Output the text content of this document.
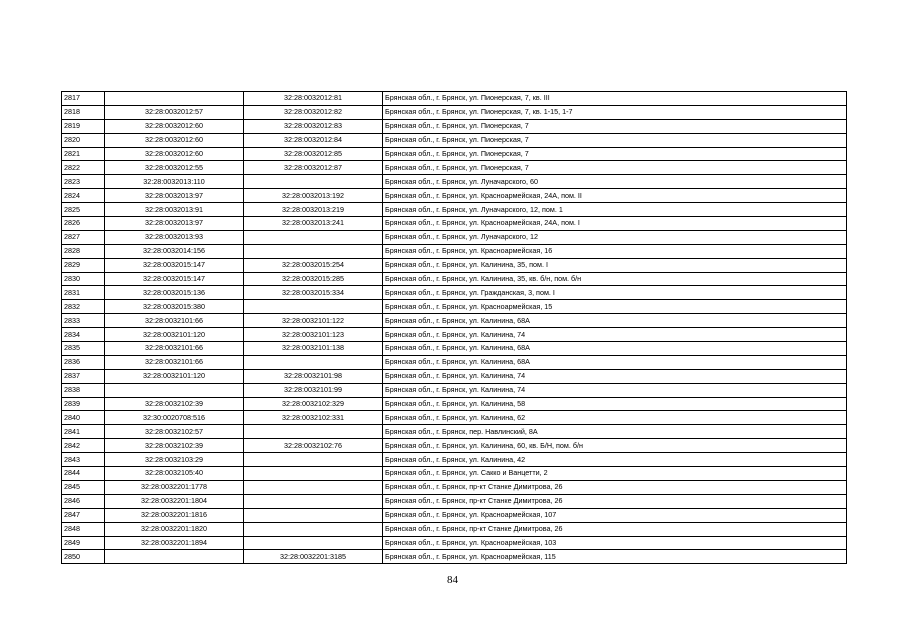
2817		32:28:0032012:81	Брянская обл., г. Брянск, ул. Пионерская, 7, кв. III
2818	32:28:0032012:57	32:28:0032012:82	Брянская обл., г. Брянск, ул. Пионерская, 7, кв. 1-15, 1-7
2819	32:28:0032012:60	32:28:0032012:83	Брянская обл., г. Брянск, ул. Пионерская, 7
2820	32:28:0032012:60	32:28:0032012:84	Брянская обл., г. Брянск, ул. Пионерская, 7
2821	32:28:0032012:60	32:28:0032012:85	Брянская обл., г. Брянск, ул. Пионерская, 7
2822	32:28:0032012:55	32:28:0032012:87	Брянская обл., г. Брянск, ул. Пионерская, 7
2823	32:28:0032013:110		Брянская обл., г. Брянск, ул. Луначарского, 60
2824	32:28:0032013:97	32:28:0032013:192	Брянская обл., г. Брянск, ул. Красноармейская, 24А, пом. II
2825	32:28:0032013:91	32:28:0032013:219	Брянская обл., г. Брянск, ул. Луначарского, 12, пом. 1
2826	32:28:0032013:97	32:28:0032013:241	Брянская обл., г. Брянск, ул. Красноармейская, 24А, пом. I
2827	32:28:0032013:93		Брянская обл., г. Брянск, ул. Луначарского, 12
2828	32:28:0032014:156		Брянская обл., г. Брянск, ул. Красноармейская, 16
2829	32:28:0032015:147	32:28:0032015:254	Брянская обл., г. Брянск, ул. Калинина, 35, пом. I
2830	32:28:0032015:147	32:28:0032015:285	Брянская обл., г. Брянск, ул. Калинина, 35, кв. б/н, пом. б/н
2831	32:28:0032015:136	32:28:0032015:334	Брянская обл., г. Брянск, ул. Гражданская, 3, пом. I
2832	32:28:0032015:380		Брянская обл., г. Брянск, ул. Красноармейская, 15
2833	32:28:0032101:66	32:28:0032101:122	Брянская обл., г. Брянск, ул. Калинина, 68А
2834	32:28:0032101:120	32:28:0032101:123	Брянская обл., г. Брянск, ул. Калинина, 74
2835	32:28:0032101:66	32:28:0032101:138	Брянская обл., г. Брянск, ул. Калинина, 68А
2836	32:28:0032101:66		Брянская обл., г. Брянск, ул. Калинина, 68А
2837	32:28:0032101:120	32:28:0032101:98	Брянская обл., г. Брянск, ул. Калинина, 74
2838		32:28:0032101:99	Брянская обл., г. Брянск, ул. Калинина, 74
2839	32:28:0032102:39	32:28:0032102:329	Брянская обл., г. Брянск, ул. Калинина, 58
2840	32:30:0020708:516	32:28:0032102:331	Брянская обл., г. Брянск, ул. Калинина, 62
2841	32:28:0032102:57		Брянская обл., г. Брянск, пер. Навлинский, 8А
2842	32:28:0032102:39	32:28:0032102:76	Брянская обл., г. Брянск, ул. Калинина, 60, кв. Б/Н, пом. б/н
2843	32:28:0032103:29		Брянская обл., г. Брянск, ул. Калинина, 42
2844	32:28:0032105:40		Брянская обл., г. Брянск, ул. Сакко и Ванцетти, 2
2845	32:28:0032201:1778		Брянская обл., г. Брянск, пр-кт Станке Димитрова, 26
2846	32:28:0032201:1804		Брянская обл., г. Брянск, пр-кт Станке Димитрова, 26
2847	32:28:0032201:1816		Брянская обл., г. Брянск, ул. Красноармейская, 107
2848	32:28:0032201:1820		Брянская обл., г. Брянск, пр-кт Станке Димитрова, 26
2849	32:28:0032201:1894		Брянская обл., г. Брянск, ул. Красноармейская, 103
2850		32:28:0032201:3185	Брянская обл., г. Брянск, ул. Красноармейская, 115
84
